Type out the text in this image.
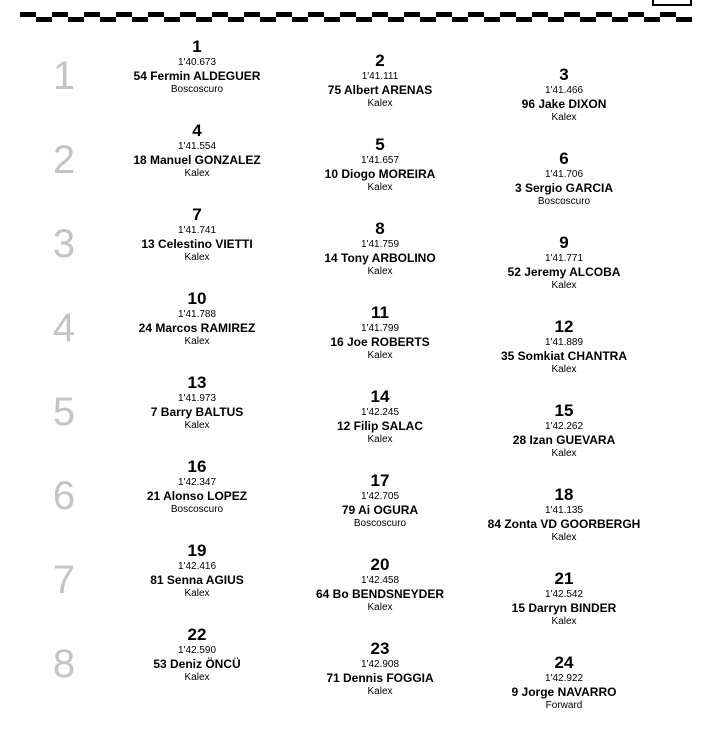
1
1
1'40.673
54 Fermin ALDEGUER
Boscoscuro
2
1'41.111
75 Albert ARENAS
Kalex
3
1'41.466
96 Jake DIXON
Kalex
2
4
1'41.554
18 Manuel GONZALEZ
Kalex
5
1'41.657
10 Diogo MOREIRA
Kalex
6
1'41.706
3 Sergio GARCIA
Boscoscuro
3
7
1'41.741
13 Celestino VIETTI
Kalex
8
1'41.759
14 Tony ARBOLINO
Kalex
9
1'41.771
52 Jeremy ALCOBA
Kalex
4
10
1'41.788
24 Marcos RAMIREZ
Kalex
11
1'41.799
16 Joe ROBERTS
Kalex
12
1'41.889
35 Somkiat CHANTRA
Kalex
5
13
1'41.973
7 Barry BALTUS
Kalex
14
1'42.245
12 Filip SALAC
Kalex
15
1'42.262
28 Izan GUEVARA
Kalex
6
16
1'42.347
21 Alonso LOPEZ
Boscoscuro
17
1'42.705
79 Ai OGURA
Boscoscuro
18
1'41.135
84 Zonta VD GOORBERGH
Kalex
7
19
1'42.416
81 Senna AGIUS
Kalex
20
1'42.458
64 Bo BENDSNEYDER
Kalex
21
1'42.542
15 Darryn BINDER
Kalex
8
22
1'42.590
53 Deniz ÖNCÜ
Kalex
23
1'42.908
71 Dennis FOGGIA
Kalex
24
1'42.922
9 Jorge NAVARRO
Forward
